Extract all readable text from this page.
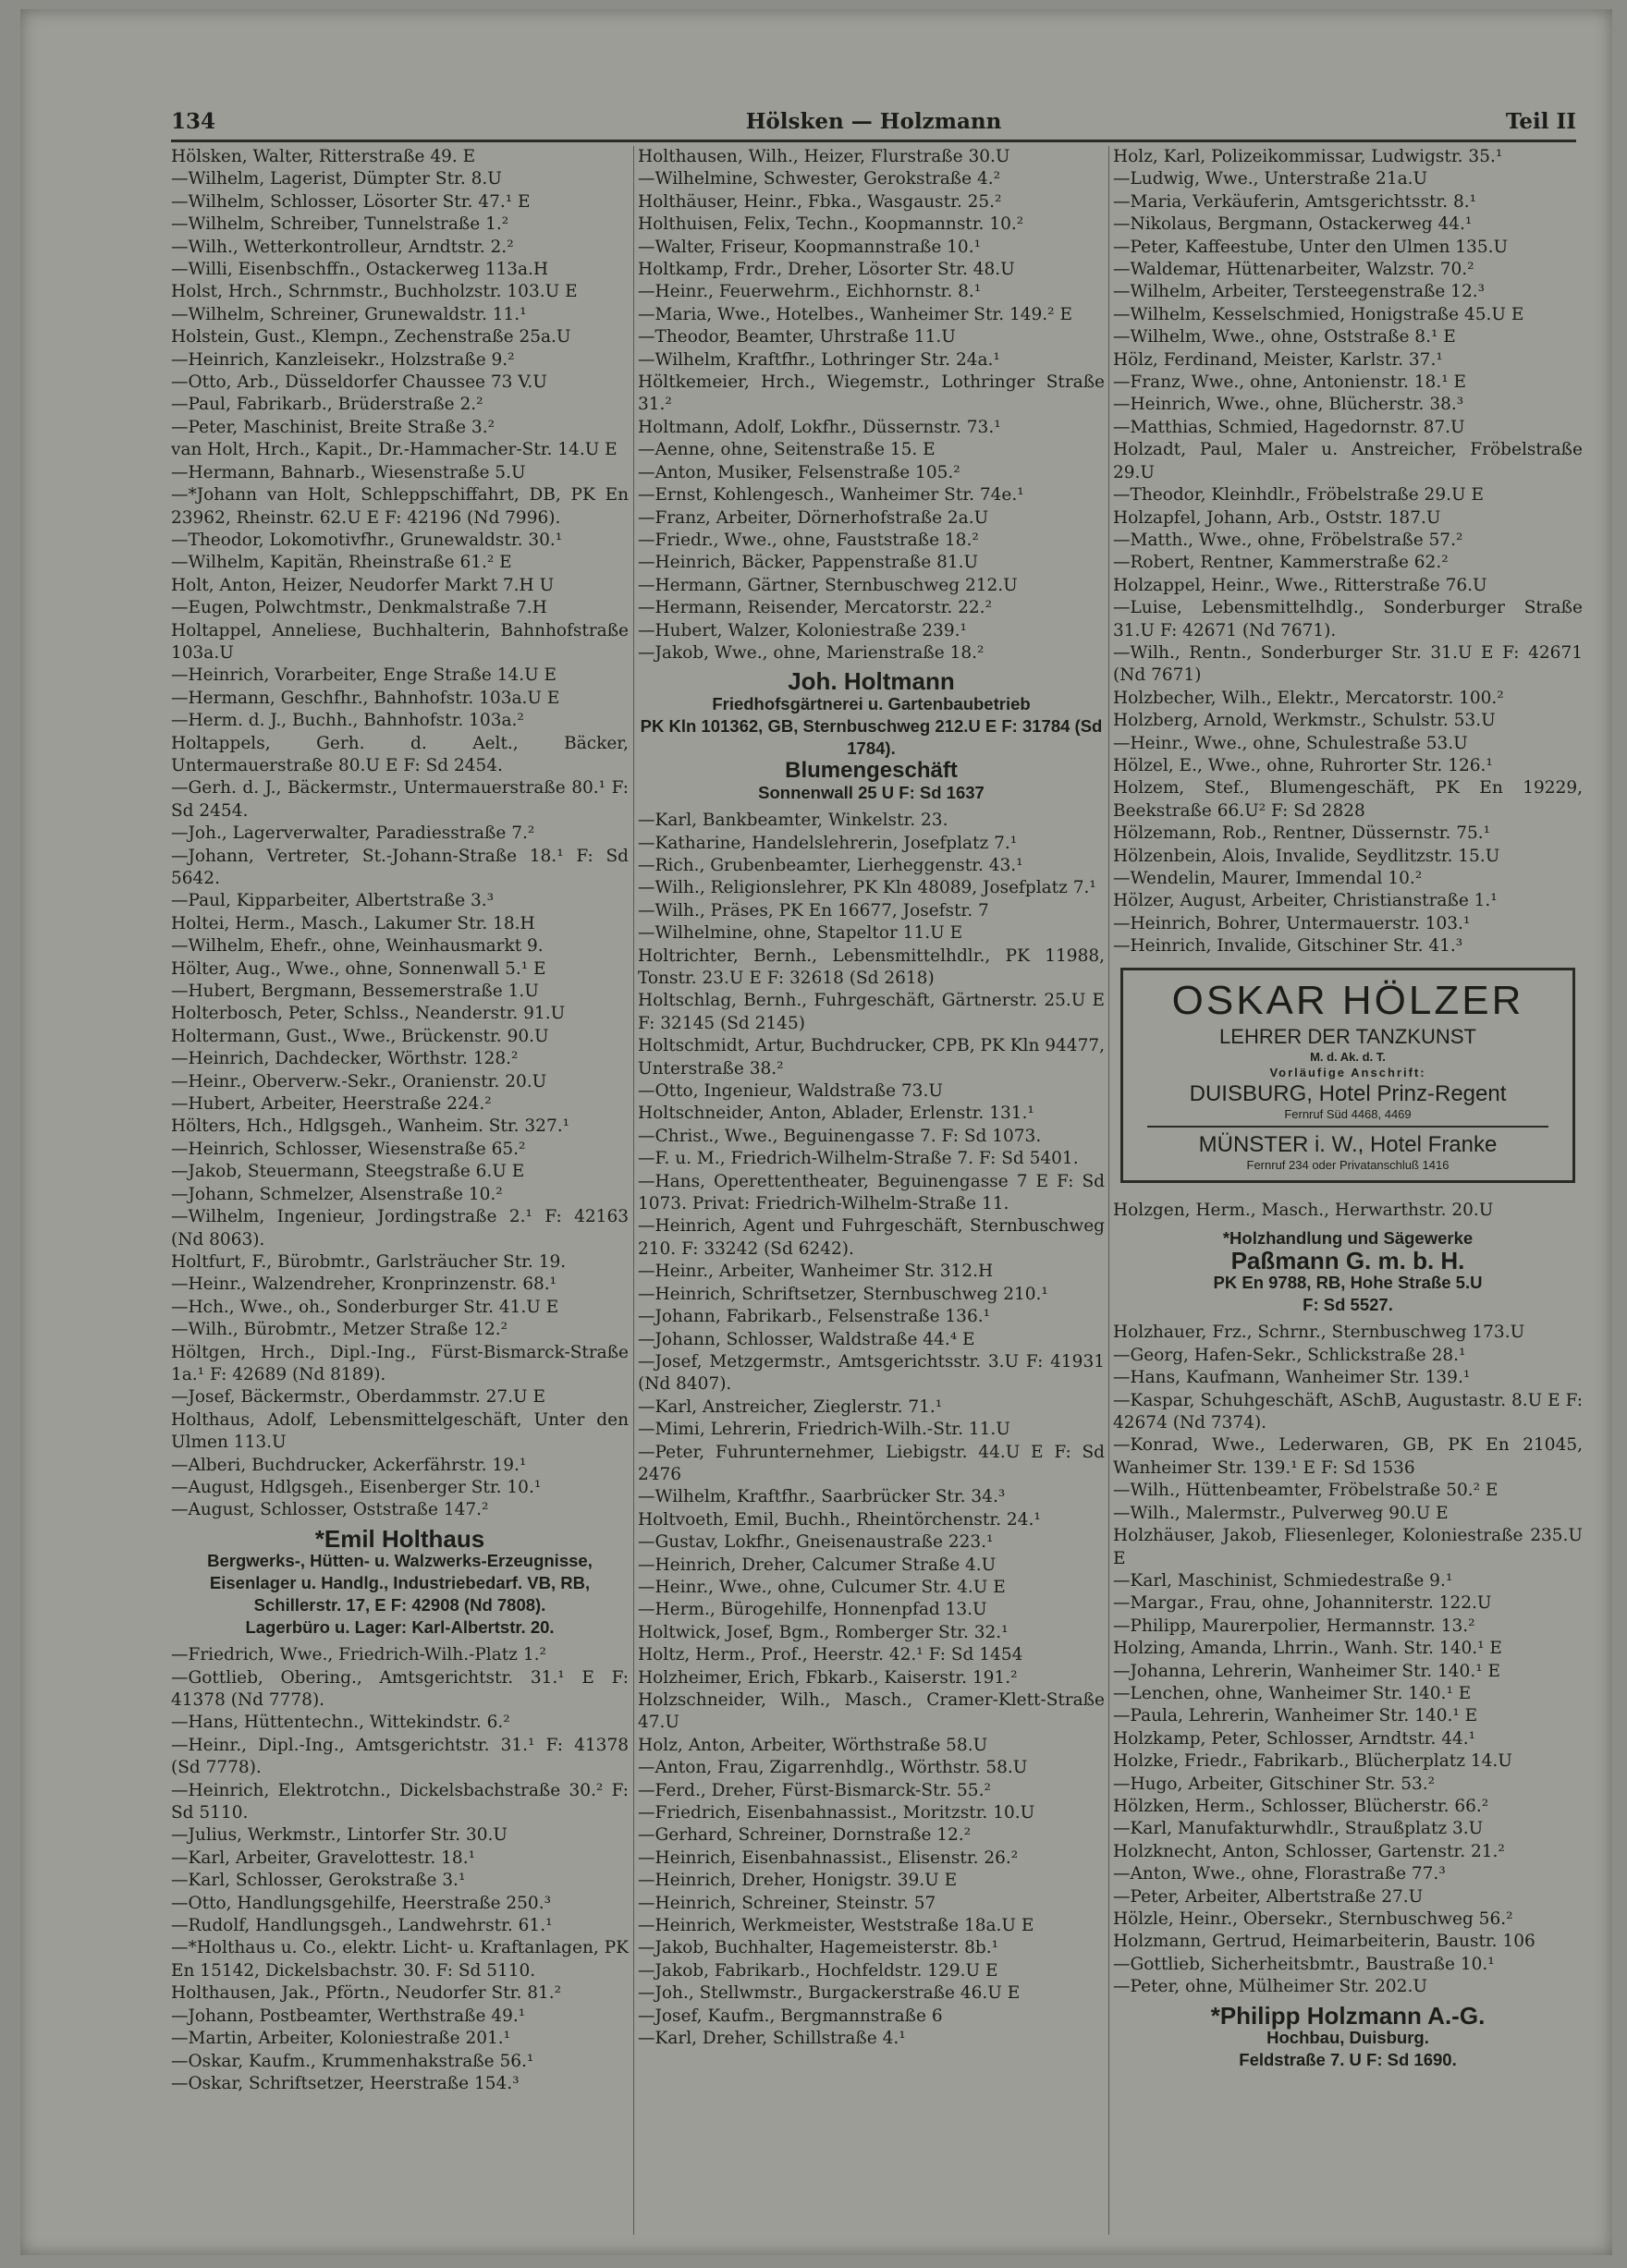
134	Hölsken — Holzmann	Teil II

Hölsken, Walter, Ritterstraße 49. E

—Wilhelm, Lagerist, Dümpter Str. 8.U

—Wilhelm, Schlosser, Lösorter Str. 47.¹ E

—Wilhelm, Schreiber, Tunnelstraße 1.²

—Wilh., Wetterkontrolleur, Arndtstr. 2.²

—Willi, Eisenbschffn., Ostackerweg 113a.H

Holst, Hrch., Schrnmstr., Buchholzstr. 103.U E

—Wilhelm, Schreiner, Grunewaldstr. 11.¹

Holstein, Gust., Klempn., Zechenstraße 25a.U

—Heinrich, Kanzleisekr., Holzstraße 9.²

—Otto, Arb., Düsseldorfer Chaussee 73 V.U

—Paul, Fabrikarb., Brüderstraße 2.²

—Peter, Maschinist, Breite Straße 3.²

van Holt, Hrch., Kapit., Dr.-Hammacher-Str. 14.U E

—Hermann, Bahnarb., Wiesenstraße 5.U

—*Johann van Holt, Schleppschiffahrt, DB, PK En 23962, Rheinstr. 62.U E F: 42196 (Nd 7996).

—Theodor, Lokomotivfhr., Grunewaldstr. 30.¹

—Wilhelm, Kapitän, Rheinstraße 61.² E

Holt, Anton, Heizer, Neudorfer Markt 7.H U

—Eugen, Polwchtmstr., Denkmalstraße 7.H

Holtappel, Anneliese, Buchhalterin, Bahnhofstraße 103a.U

—Heinrich, Vorarbeiter, Enge Straße 14.U E

—Hermann, Geschfhr., Bahnhofstr. 103a.U E

—Herm. d. J., Buchh., Bahnhofstr. 103a.²

Holtappels, Gerh. d. Aelt., Bäcker, Untermauerstraße 80.U E F: Sd 2454.

—Gerh. d. J., Bäckermstr., Untermauerstraße 80.¹ F: Sd 2454.

—Joh., Lagerverwalter, Paradiesstraße 7.²

—Johann, Vertreter, St.-Johann-Straße 18.¹ F: Sd 5642.

—Paul, Kipparbeiter, Albertstraße 3.³

Holtei, Herm., Masch., Lakumer Str. 18.H

—Wilhelm, Ehefr., ohne, Weinhausmarkt 9.

Hölter, Aug., Wwe., ohne, Sonnenwall 5.¹ E

—Hubert, Bergmann, Bessemerstraße 1.U

Holterbosch, Peter, Schlss., Neanderstr. 91.U

Holtermann, Gust., Wwe., Brückenstr. 90.U

—Heinrich, Dachdecker, Wörthstr. 128.²

—Heinr., Oberverw.-Sekr., Oranienstr. 20.U

—Hubert, Arbeiter, Heerstraße 224.²

Hölters, Hch., Hdlgsgeh., Wanheim. Str. 327.¹

—Heinrich, Schlosser, Wiesenstraße 65.²

—Jakob, Steuermann, Steegstraße 6.U E

—Johann, Schmelzer, Alsenstraße 10.²

—Wilhelm, Ingenieur, Jordingstraße 2.¹ F: 42163 (Nd 8063).

Holtfurt, F., Bürobmtr., Garlsträucher Str. 19.

—Heinr., Walzendreher, Kronprinzenstr. 68.¹

—Hch., Wwe., oh., Sonderburger Str. 41.U E

—Wilh., Bürobmtr., Metzer Straße 12.²

Höltgen, Hrch., Dipl.-Ing., Fürst-Bismarck-Straße 1a.¹ F: 42689 (Nd 8189).

—Josef, Bäckermstr., Oberdammstr. 27.U E

Holthaus, Adolf, Lebensmittelgeschäft, Unter den Ulmen 113.U

—Alberi, Buchdrucker, Ackerfährstr. 19.¹

—August, Hdlgsgeh., Eisenberger Str. 10.¹

—August, Schlosser, Oststraße 147.²

*Emil Holthaus
Bergwerks-, Hütten- u. Walzwerks-Erzeugnisse, Eisenlager u. Handlg., Industriebedarf. VB, RB, Schillerstr. 17, E F: 42908 (Nd 7808).
Lagerbüro u. Lager: Karl-Albertstr. 20.

—Friedrich, Wwe., Friedrich-Wilh.-Platz 1.²

—Gottlieb, Obering., Amtsgerichtstr. 31.¹ E F: 41378 (Nd 7778).

—Hans, Hüttentechn., Wittekindstr. 6.²

—Heinr., Dipl.-Ing., Amtsgerichtstr. 31.¹ F: 41378 (Sd 7778).

—Heinrich, Elektrotchn., Dickelsbachstraße 30.² F: Sd 5110.

—Julius, Werkmstr., Lintorfer Str. 30.U

—Karl, Arbeiter, Gravelottestr. 18.¹

—Karl, Schlosser, Gerokstraße 3.¹

—Otto, Handlungsgehilfe, Heerstraße 250.³

—Rudolf, Handlungsgeh., Landwehrstr. 61.¹

—*Holthaus u. Co., elektr. Licht- u. Kraftanlagen, PK En 15142, Dickelsbachstr. 30. F: Sd 5110.

Holthausen, Jak., Pförtn., Neudorfer Str. 81.²

—Johann, Postbeamter, Werthstraße 49.¹

—Martin, Arbeiter, Koloniestraße 201.¹

—Oskar, Kaufm., Krummenhakstraße 56.¹

—Oskar, Schriftsetzer, Heerstraße 154.³

Holthausen, Wilh., Heizer, Flurstraße 30.U

—Wilhelmine, Schwester, Gerokstraße 4.²

Holthäuser, Heinr., Fbka., Wasgaustr. 25.²

Holthuisen, Felix, Techn., Koopmannstr. 10.²

—Walter, Friseur, Koopmannstraße 10.¹

Holtkamp, Frdr., Dreher, Lösorter Str. 48.U

—Heinr., Feuerwehrm., Eichhornstr. 8.¹

—Maria, Wwe., Hotelbes., Wanheimer Str. 149.² E

—Theodor, Beamter, Uhrstraße 11.U

—Wilhelm, Kraftfhr., Lothringer Str. 24a.¹

Höltkemeier, Hrch., Wiegemstr., Lothringer Straße 31.²

Holtmann, Adolf, Lokfhr., Düssernstr. 73.¹

—Aenne, ohne, Seitenstraße 15. E

—Anton, Musiker, Felsenstraße 105.²

—Ernst, Kohlengesch., Wanheimer Str. 74e.¹

—Franz, Arbeiter, Dörnerhofstraße 2a.U

—Friedr., Wwe., ohne, Fauststraße 18.²

—Heinrich, Bäcker, Pappenstraße 81.U

—Hermann, Gärtner, Sternbuschweg 212.U

—Hermann, Reisender, Mercatorstr. 22.²

—Hubert, Walzer, Koloniestraße 239.¹

—Jakob, Wwe., ohne, Marienstraße 18.²

Joh. Holtmann
Friedhofsgärtnerei u. Gartenbaubetrieb
PK Kln 101362, GB, Sternbuschweg 212.U E F: 31784 (Sd 1784).
Blumengeschäft
Sonnenwall 25 U F: Sd 1637

—Karl, Bankbeamter, Winkelstr. 23.

—Katharine, Handelslehrerin, Josefplatz 7.¹

—Rich., Grubenbeamter, Lierheggenstr. 43.¹

—Wilh., Religionslehrer, PK Kln 48089, Josefplatz 7.¹

—Wilh., Präses, PK En 16677, Josefstr. 7

—Wilhelmine, ohne, Stapeltor 11.U E

Holtrichter, Bernh., Lebensmittelhdlr., PK 11988, Tonstr. 23.U E F: 32618 (Sd 2618)

Holtschlag, Bernh., Fuhrgeschäft, Gärtnerstr. 25.U E F: 32145 (Sd 2145)

Holtschmidt, Artur, Buchdrucker, CPB, PK Kln 94477, Unterstraße 38.²

—Otto, Ingenieur, Waldstraße 73.U

Holtschneider, Anton, Ablader, Erlenstr. 131.¹

—Christ., Wwe., Beguinengasse 7. F: Sd 1073.

—F. u. M., Friedrich-Wilhelm-Straße 7. F: Sd 5401.

—Hans, Operettentheater, Beguinengasse 7 E F: Sd 1073. Privat: Friedrich-Wilhelm-Straße 11.

—Heinrich, Agent und Fuhrgeschäft, Sternbuschweg 210. F: 33242 (Sd 6242).

—Heinr., Arbeiter, Wanheimer Str. 312.H

—Heinrich, Schriftsetzer, Sternbuschweg 210.¹

—Johann, Fabrikarb., Felsenstraße 136.¹

—Johann, Schlosser, Waldstraße 44.⁴ E

—Josef, Metzgermstr., Amtsgerichtsstr. 3.U F: 41931 (Nd 8407).

—Karl, Anstreicher, Zieglerstr. 71.¹

—Mimi, Lehrerin, Friedrich-Wilh.-Str. 11.U

—Peter, Fuhrunternehmer, Liebigstr. 44.U E F: Sd 2476

—Wilhelm, Kraftfhr., Saarbrücker Str. 34.³

Holtvoeth, Emil, Buchh., Rheintörchenstr. 24.¹

—Gustav, Lokfhr., Gneisenaustraße 223.¹

—Heinrich, Dreher, Calcumer Straße 4.U

—Heinr., Wwe., ohne, Culcumer Str. 4.U E

—Herm., Bürogehilfe, Honnenpfad 13.U

Holtwick, Josef, Bgm., Romberger Str. 32.¹

Holtz, Herm., Prof., Heerstr. 42.¹ F: Sd 1454

Holzheimer, Erich, Fbkarb., Kaiserstr. 191.²

Holzschneider, Wilh., Masch., Cramer-Klett-Straße 47.U

Holz, Anton, Arbeiter, Wörthstraße 58.U

—Anton, Frau, Zigarrenhdlg., Wörthstr. 58.U

—Ferd., Dreher, Fürst-Bismarck-Str. 55.²

—Friedrich, Eisenbahnassist., Moritzstr. 10.U

—Gerhard, Schreiner, Dornstraße 12.²

—Heinrich, Eisenbahnassist., Elisenstr. 26.²

—Heinrich, Dreher, Honigstr. 39.U E

—Heinrich, Schreiner, Steinstr. 57

—Heinrich, Werkmeister, Weststraße 18a.U E

—Jakob, Buchhalter, Hagemeisterstr. 8b.¹

—Jakob, Fabrikarb., Hochfeldstr. 129.U E

—Joh., Stellwmstr., Burgackerstraße 46.U E

—Josef, Kaufm., Bergmannstraße 6

—Karl, Dreher, Schillstraße 4.¹

Holz, Karl, Polizeikommissar, Ludwigstr. 35.¹

—Ludwig, Wwe., Unterstraße 21a.U

—Maria, Verkäuferin, Amtsgerichtsstr. 8.¹

—Nikolaus, Bergmann, Ostackerweg 44.¹

—Peter, Kaffeestube, Unter den Ulmen 135.U

—Waldemar, Hüttenarbeiter, Walzstr. 70.²

—Wilhelm, Arbeiter, Tersteegenstraße 12.³

—Wilhelm, Kesselschmied, Honigstraße 45.U E

—Wilhelm, Wwe., ohne, Oststraße 8.¹ E

Hölz, Ferdinand, Meister, Karlstr. 37.¹

—Franz, Wwe., ohne, Antonienstr. 18.¹ E

—Heinrich, Wwe., ohne, Blücherstr. 38.³

—Matthias, Schmied, Hagedornstr. 87.U

Holzadt, Paul, Maler u. Anstreicher, Fröbelstraße 29.U

—Theodor, Kleinhdlr., Fröbelstraße 29.U E

Holzapfel, Johann, Arb., Oststr. 187.U

—Matth., Wwe., ohne, Fröbelstraße 57.²

—Robert, Rentner, Kammerstraße 62.²

Holzappel, Heinr., Wwe., Ritterstraße 76.U

—Luise, Lebensmittelhdlg., Sonderburger Straße 31.U F: 42671 (Nd 7671).

—Wilh., Rentn., Sonderburger Str. 31.U E F: 42671 (Nd 7671)

Holzbecher, Wilh., Elektr., Mercatorstr. 100.²

Holzberg, Arnold, Werkmstr., Schulstr. 53.U

—Heinr., Wwe., ohne, Schulestraße 53.U

Hölzel, E., Wwe., ohne, Ruhrorter Str. 126.¹

Holzem, Stef., Blumengeschäft, PK En 19229, Beekstraße 66.U² F: Sd 2828

Hölzemann, Rob., Rentner, Düssernstr. 75.¹

Hölzenbein, Alois, Invalide, Seydlitzstr. 15.U

—Wendelin, Maurer, Immendal 10.²

Hölzer, August, Arbeiter, Christianstraße 1.¹

—Heinrich, Bohrer, Untermauerstr. 103.¹

—Heinrich, Invalide, Gitschiner Str. 41.³

OSKAR HÖLZER
LEHRER DER TANZKUNST
M. d. Ak. d. T.
Vorläufige Anschrift:
DUISBURG, Hotel Prinz-Regent
Fernruf Süd 4468, 4469
MÜNSTER i. W., Hotel Franke
Fernruf 234 oder Privatanschluß 1416

Holzgen, Herm., Masch., Herwarthstr. 20.U

*Holzhandlung und Sägewerke
Paßmann G. m. b. H.
PK En 9788, RB, Hohe Straße 5.U
F: Sd 5527.

Holzhauer, Frz., Schrnr., Sternbuschweg 173.U

—Georg, Hafen-Sekr., Schlickstraße 28.¹

—Hans, Kaufmann, Wanheimer Str. 139.¹

—Kaspar, Schuhgeschäft, ASchB, Augustastr. 8.U E F: 42674 (Nd 7374).

—Konrad, Wwe., Lederwaren, GB, PK En 21045, Wanheimer Str. 139.¹ E F: Sd 1536

—Wilh., Hüttenbeamter, Fröbelstraße 50.² E

—Wilh., Malermstr., Pulverweg 90.U E

Holzhäuser, Jakob, Fliesenleger, Koloniestraße 235.U E

—Karl, Maschinist, Schmiedestraße 9.¹

—Margar., Frau, ohne, Johanniterstr. 122.U

—Philipp, Maurerpolier, Hermannstr. 13.²

Holzing, Amanda, Lhrrin., Wanh. Str. 140.¹ E

—Johanna, Lehrerin, Wanheimer Str. 140.¹ E

—Lenchen, ohne, Wanheimer Str. 140.¹ E

—Paula, Lehrerin, Wanheimer Str. 140.¹ E

Holzkamp, Peter, Schlosser, Arndtstr. 44.¹

Holzke, Friedr., Fabrikarb., Blücherplatz 14.U

—Hugo, Arbeiter, Gitschiner Str. 53.²

Hölzken, Herm., Schlosser, Blücherstr. 66.²

—Karl, Manufakturwhdlr., Straußplatz 3.U

Holzknecht, Anton, Schlosser, Gartenstr. 21.²

—Anton, Wwe., ohne, Florastraße 77.³

—Peter, Arbeiter, Albertstraße 27.U

Hölzle, Heinr., Obersekr., Sternbuschweg 56.²

Holzmann, Gertrud, Heimarbeiterin, Baustr. 106

—Gottlieb, Sicherheitsbmtr., Baustraße 10.¹

—Peter, ohne, Mülheimer Str. 202.U

*Philipp Holzmann A.-G.
Hochbau, Duisburg.
Feldstraße 7. U F: Sd 1690.
